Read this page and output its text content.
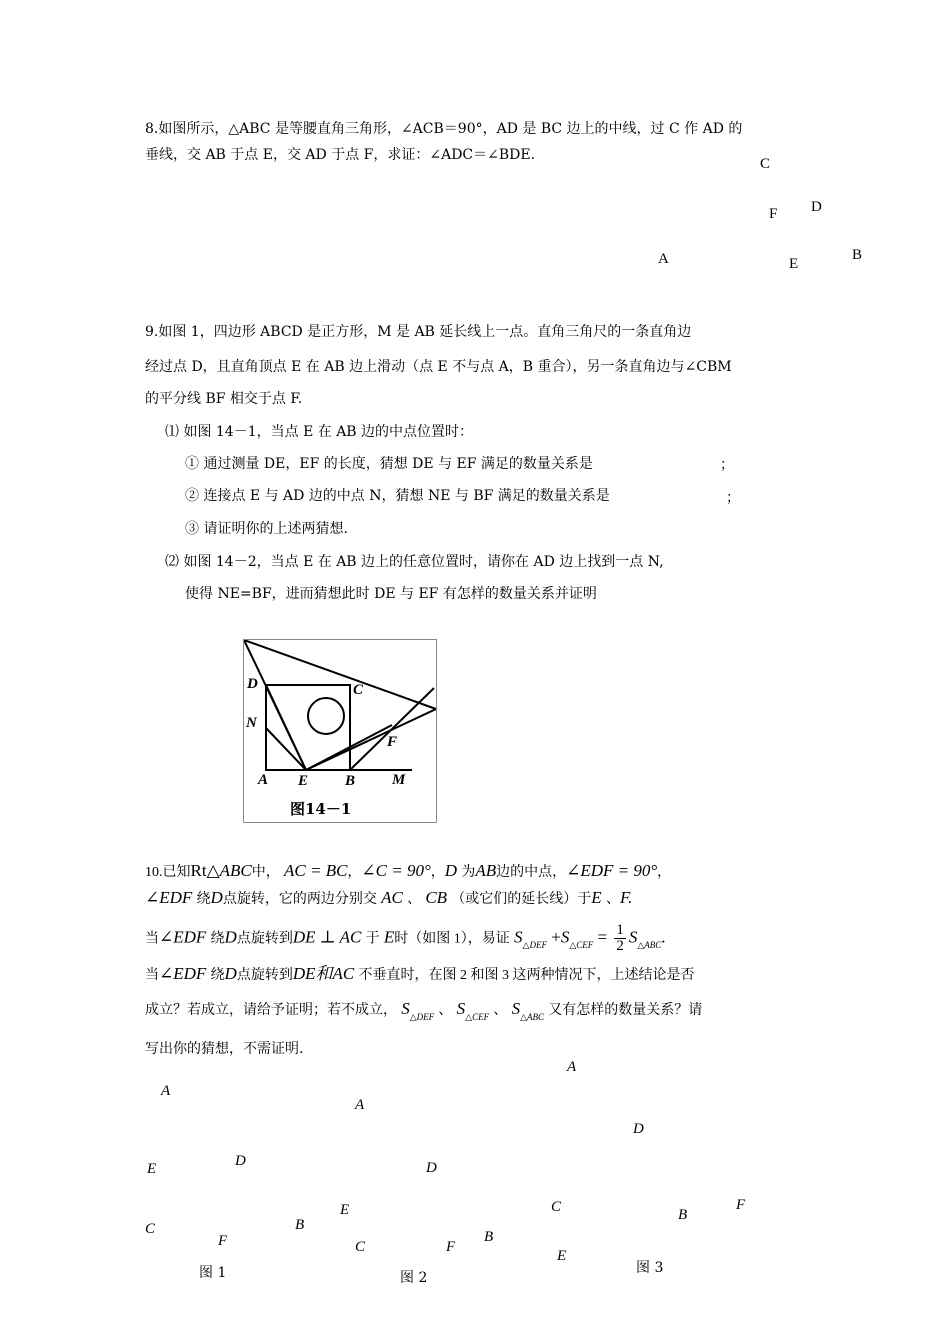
8.如图所示，△ABC 是等腰直角三角形，∠ACB＝90°，AD 是 BC 边上的中线，过 C 作 AD 的
垂线，交 AB 于点 E，交 AD 于点 F，求证：∠ADC＝∠BDE.
C
F D
A	E
B
9.如图 1，四边形 ABCD 是正方形，M 是 AB 延长线上一点。直角三角尺的一条直角边
经过点 D，且直角顶点 E 在 AB 边上滑动（点 E 不与点 A，B 重合），另一条直角边与∠CBM
的平分线 BF 相交于点 F.
⑴ 如图 14－1，当点 E 在 AB 边的中点位置时：
① 通过测量 DE，EF 的长度，猜想 DE 与 EF 满足的数量关系是	；
② 连接点 E 与 AD 边的中点 N，猜想 NE 与 BF 满足的数量关系是	；
③ 请证明你的上述两猜想.
⑵ 如图 14－2，当点 E 在 AB 边上的任意位置时，请你在 AD 边上找到一点 N,
使得 NE=BF，进而猜想此时 DE 与 EF 有怎样的数量关系并证明
D	C
N
F
A E B M
图14－1
10.已知Rt△ABC中， AC = BC，∠C = 90°，D 为AB边的中点，∠EDF = 90°，
∠EDF 绕D点旋转，它的两边分别交 AC 、 CB （或它们的延长线）于E 、F.
当∠EDF 绕D点旋转到DE ⊥ AC 于 E时（如图 1），易证 $S_{\triangle DEF} +S_{\triangle CEF} = \frac{1}{2} S_{\triangle ABC}$.
当∠EDF 绕D点旋转到DE和AC 不垂直时，在图 2 和图 3 这两种情况下，上述结论是否
成立？若成立，请给予证明；若不成立， $S_{\triangle DEF}$ 、 $S_{\triangle CEF}$ 、 $S_{\triangle ABC}$ 又有怎样的数量关系？请
写出你的猜想，不需证明.
A
E	D
C
F
B
图 1
A
D
E
C	F
B
图 2
A
D
C	B
F
E
图 3
